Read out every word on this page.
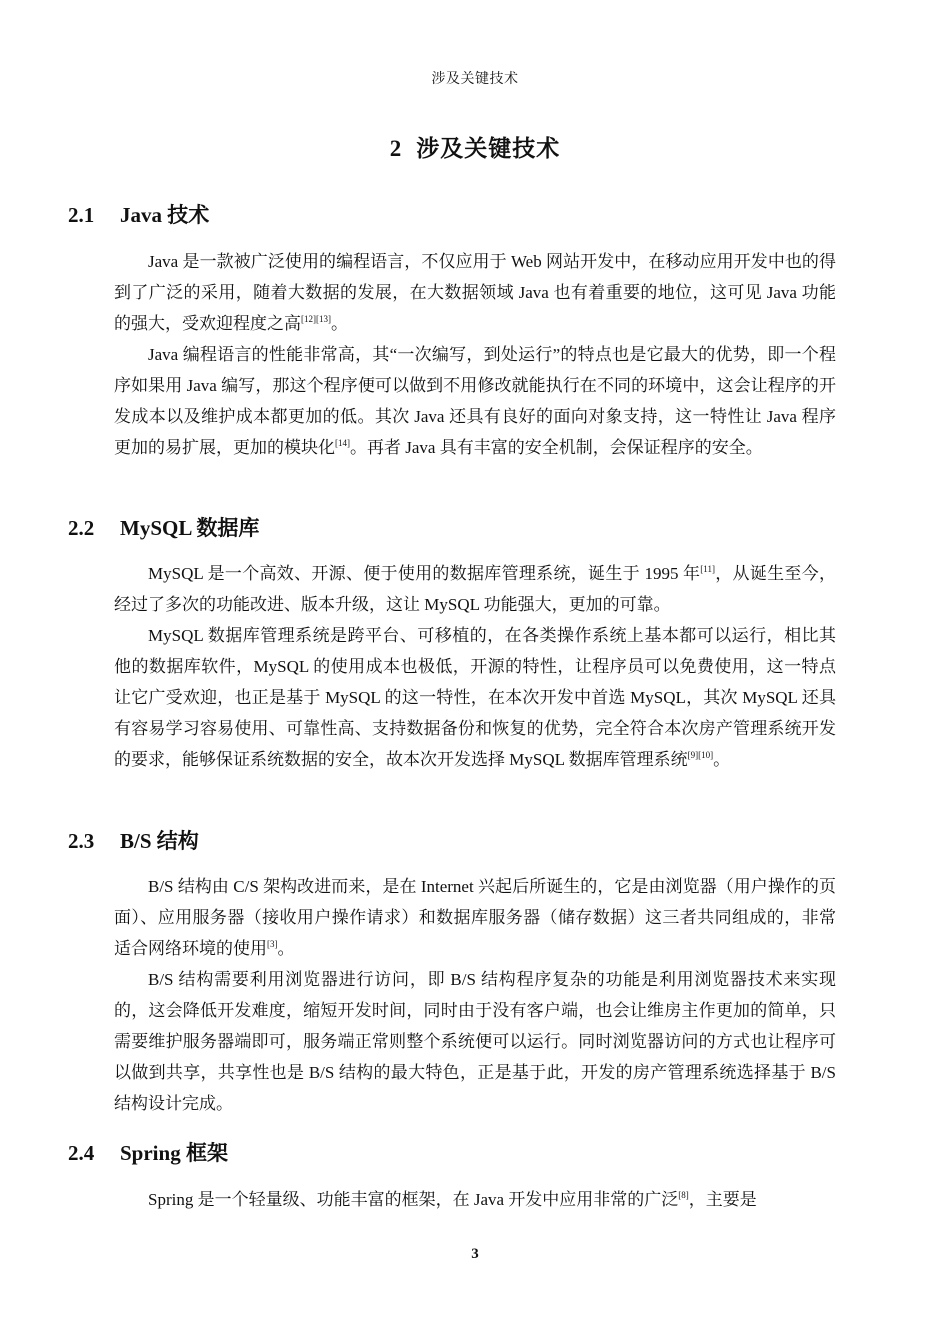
涉及关键技术
2 涉及关键技术
2.1 Java 技术

Java 是一款被广泛使用的编程语言，不仅应用于 Web 网站开发中，在移动应用开发中也的得到了广泛的采用，随着大数据的发展，在大数据领域 Java 也有着重要的地位，这可见 Java 功能的强大，受欢迎程度之高[12][13]。

Java 编程语言的性能非常高，其“一次编写，到处运行”的特点也是它最大的优势，即一个程序如果用 Java 编写，那这个程序便可以做到不用修改就能执行在不同的环境中，这会让程序的开发成本以及维护成本都更加的低。其次 Java 还具有良好的面向对象支持，这一特性让 Java 程序更加的易扩展，更加的模块化[14]。再者 Java 具有丰富的安全机制，会保证程序的安全。

2.2 MySQL 数据库

MySQL 是一个高效、开源、便于使用的数据库管理系统，诞生于 1995 年[11]，从诞生至今，经过了多次的功能改进、版本升级，这让 MySQL 功能强大，更加的可靠。

MySQL 数据库管理系统是跨平台、可移植的，在各类操作系统上基本都可以运行，相比其他的数据库软件，MySQL 的使用成本也极低，开源的特性，让程序员可以免费使用，这一特点让它广受欢迎，也正是基于 MySQL 的这一特性，在本次开发中首选 MySQL，其次 MySQL 还具有容易学习容易使用、可靠性高、支持数据备份和恢复的优势，完全符合本次房产管理系统开发的要求，能够保证系统数据的安全，故本次开发选择 MySQL 数据库管理系统[9][10]。

2.3 B/S 结构

B/S 结构由 C/S 架构改进而来，是在 Internet 兴起后所诞生的，它是由浏览器（用户操作的页面）、应用服务器（接收用户操作请求）和数据库服务器（储存数据）这三者共同组成的，非常适合网络环境的使用[3]。

B/S 结构需要利用浏览器进行访问，即 B/S 结构程序复杂的功能是利用浏览器技术来实现的，这会降低开发难度，缩短开发时间，同时由于没有客户端，也会让维房主作更加的简单，只需要维护服务器端即可，服务端正常则整个系统便可以运行。同时浏览器访问的方式也让程序可以做到共享，共享性也是 B/S 结构的最大特色，正是基于此，开发的房产管理系统选择基于 B/S 结构设计完成。

2.4 Spring 框架

Spring 是一个轻量级、功能丰富的框架，在 Java 开发中应用非常的广泛[8]，主要是

3
